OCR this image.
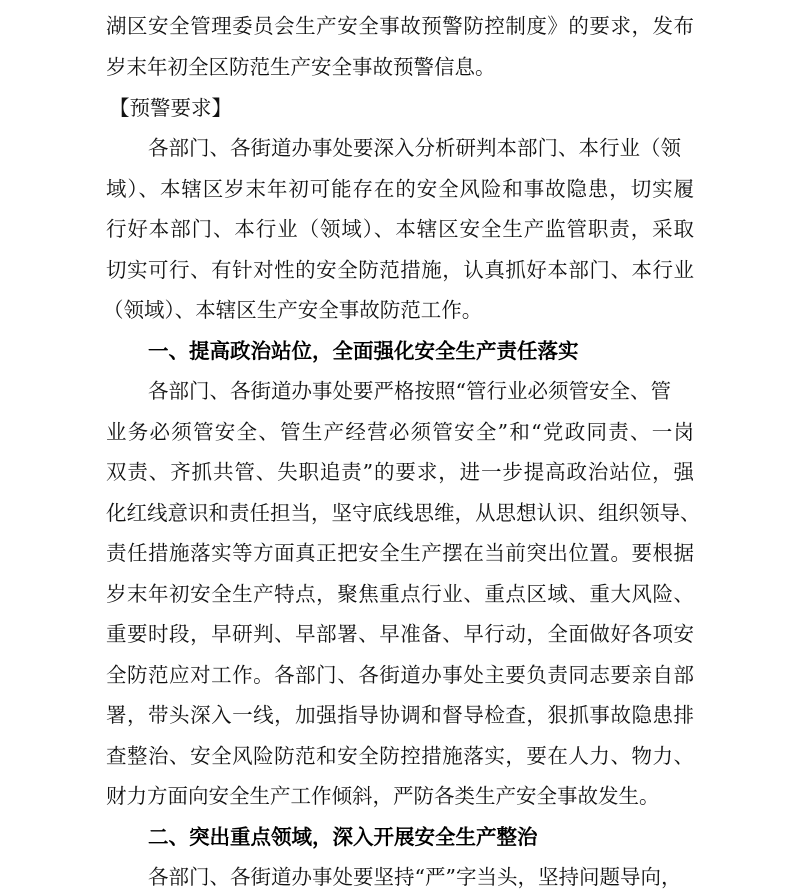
湖区安全管理委员会生产安全事故预警防控制度》的要求，发布
岁末年初全区防范生产安全事故预警信息。
【预警要求】
各部门、各街道办事处要深入分析研判本部门、本行业（领
域）、本辖区岁末年初可能存在的安全风险和事故隐患，切实履
行好本部门、本行业（领域）、本辖区安全生产监管职责，采取
切实可行、有针对性的安全防范措施，认真抓好本部门、本行业
（领域）、本辖区生产安全事故防范工作。
一、提高政治站位，全面强化安全生产责任落实
各部门、各街道办事处要严格按照“管行业必须管安全、管
业务必须管安全、管生产经营必须管安全”和“党政同责、一岗
双责、齐抓共管、失职追责”的要求，进一步提高政治站位，强
化红线意识和责任担当，坚守底线思维，从思想认识、组织领导、
责任措施落实等方面真正把安全生产摆在当前突出位置。要根据
岁末年初安全生产特点，聚焦重点行业、重点区域、重大风险、
重要时段，早研判、早部署、早准备、早行动，全面做好各项安
全防范应对工作。各部门、各街道办事处主要负责同志要亲自部
署，带头深入一线，加强指导协调和督导检查，狠抓事故隐患排
查整治、安全风险防范和安全防控措施落实，要在人力、物力、
财力方面向安全生产工作倾斜，严防各类生产安全事故发生。
二、突出重点领域，深入开展安全生产整治
各部门、各街道办事处要坚持“严”字当头，坚持问题导向，
